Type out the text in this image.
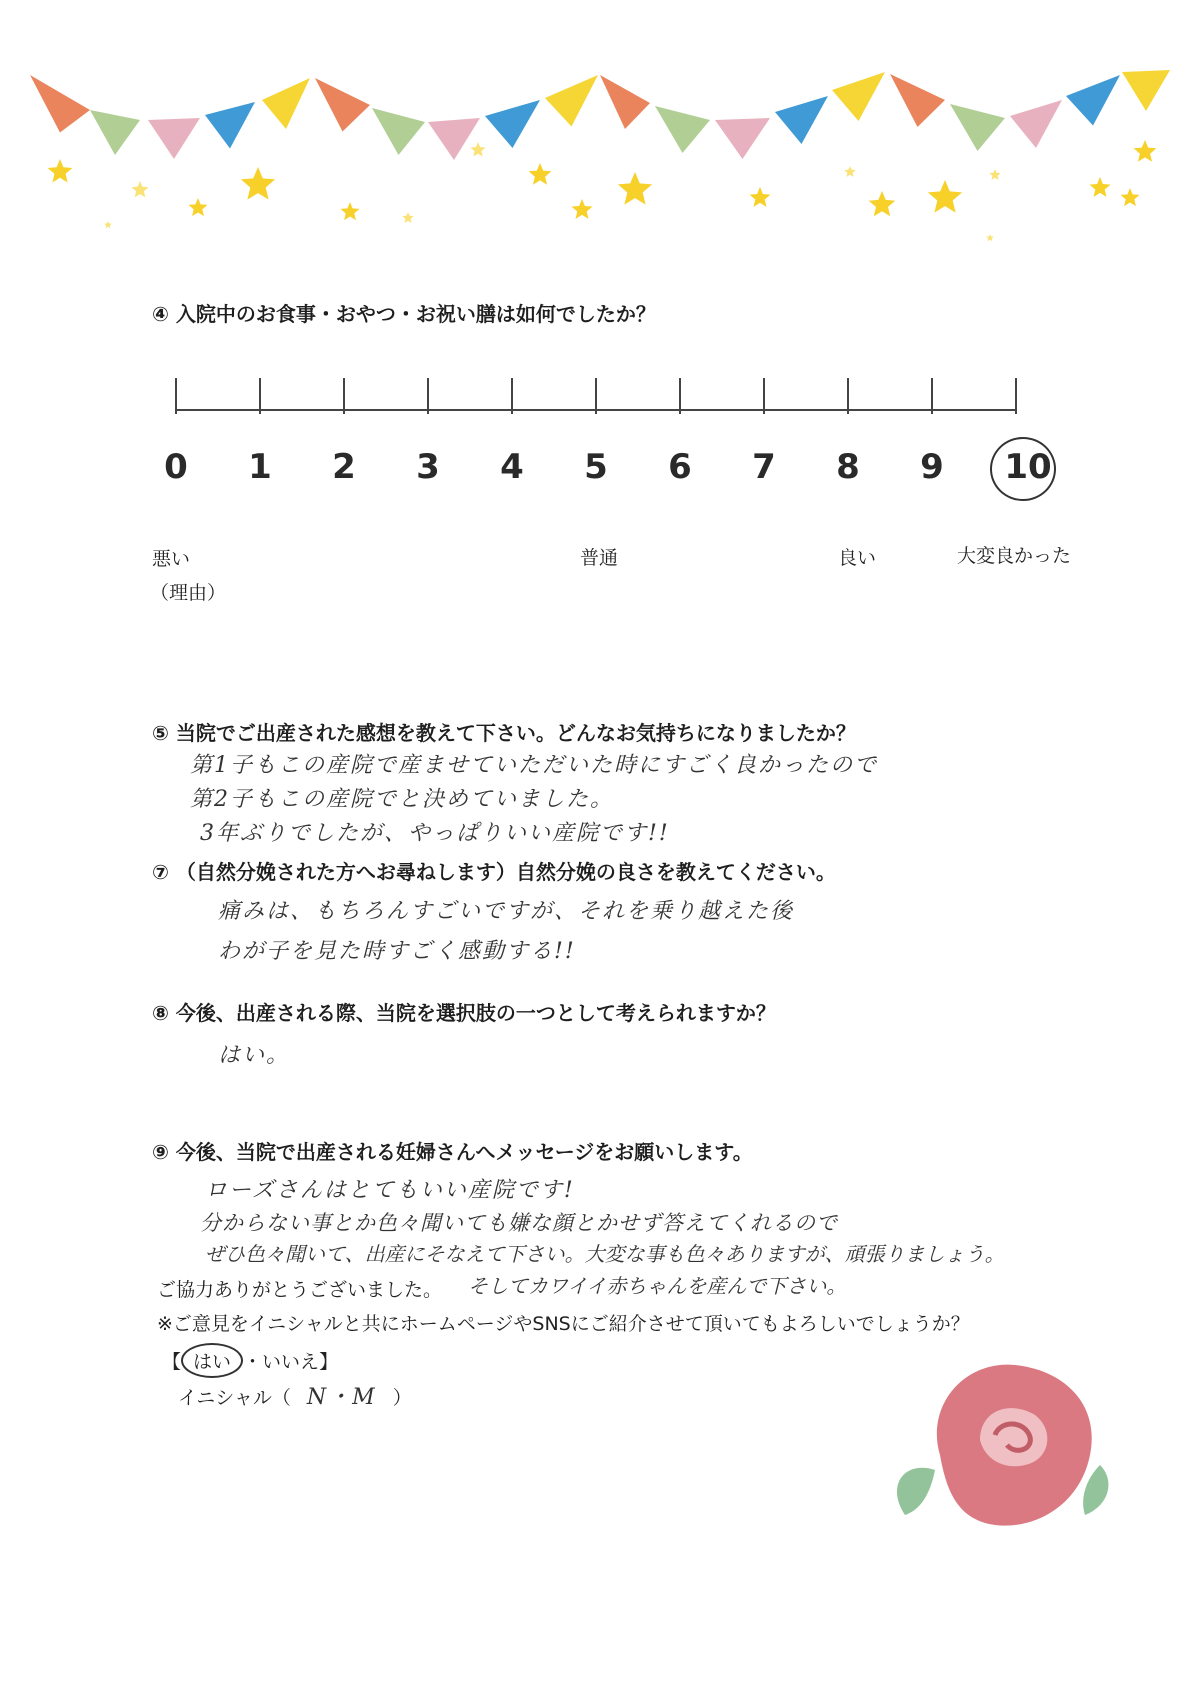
④ 入院中のお食事・おやつ・お祝い膳は如何でしたか？
0 1 2 3 4 5 6 7 8 9 10
悪い	普通	良い	大変良かった
（理由）
⑤ 当院でご出産された感想を教えて下さい。どんなお気持ちになりましたか？
第1子もこの産院で産ませていただいた時にすごく良かったので
第2子もこの産院でと決めていました。
3年ぶりでしたが、やっぱりいい産院です!!
⑦ （自然分娩された方へお尋ねします）自然分娩の良さを教えてください。
痛みは、もちろんすごいですが、それを乗り越えた後
わが子を見た時すごく感動する!!
⑧ 今後、出産される際、当院を選択肢の一つとして考えられますか？
はい。
⑨ 今後、当院で出産される妊婦さんへメッセージをお願いします。
ローズさんはとてもいい産院です!
分からない事とか色々聞いても嫌な顔とかせず答えてくれるので
ぜひ色々聞いて、出産にそなえて下さい。大変な事も色々ありますが、頑張りましょう。
そしてカワイイ赤ちゃんを産んで下さい。
ご協力ありがとうございました。
※ご意見をイニシャルと共にホームページやSNSにご紹介させて頂いてもよろしいでしょうか？
【 はい ・いいえ】
イニシャル（ N・M ）
